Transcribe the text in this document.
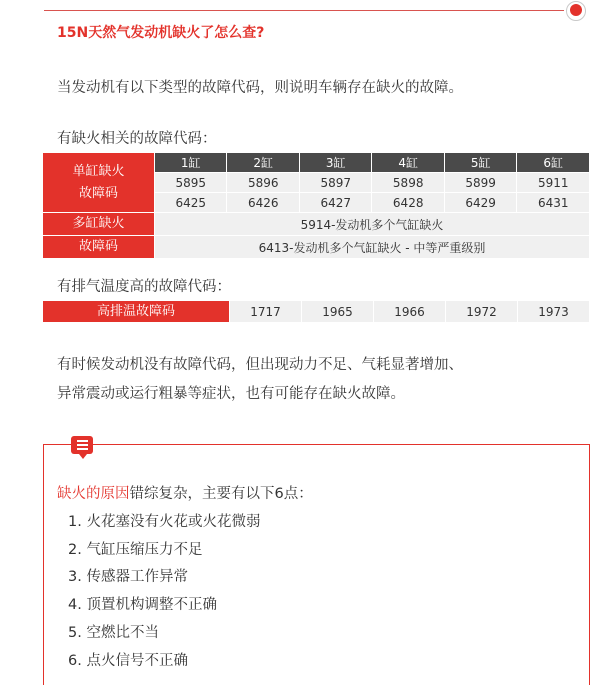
15N天然气发动机缺火了怎么查?
当发动机有以下类型的故障代码，则说明车辆存在缺火的故障。
有缺火相关的故障代码：
单缸缺火
故障码	1缸	2缸	3缸	4缸	5缸	6缸
	5895	5896	5897	5898	5899	5911
	6425	6426	6427	6428	6429	6431
多缸缺火	5914-发动机多个气缸缺火					
故障码	6413-发动机多个气缸缺火 - 中等严重级别					
有排气温度高的故障代码：
高排温故障码	1717	1965	1966	1972	1973
有时候发动机没有故障代码，但出现动力不足、气耗显著增加、
异常震动或运行粗暴等症状，也有可能存在缺火故障。
缺火的原因错综复杂，主要有以下6点：
1. 火花塞没有火花或火花微弱
2. 气缸压缩压力不足
3. 传感器工作异常
4. 顶置机构调整不正确
5. 空燃比不当
6. 点火信号不正确
